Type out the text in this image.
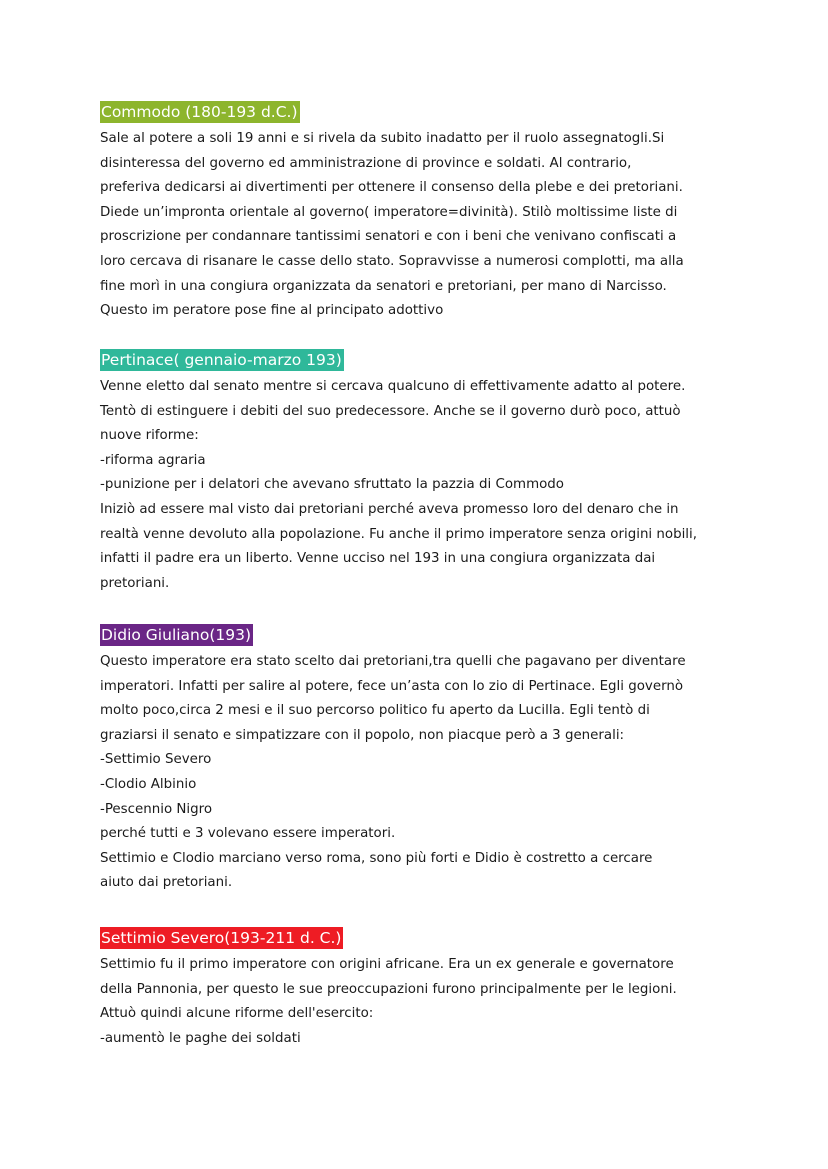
Commodo (180-193 d.C.)
Sale al potere a soli 19 anni e si rivela da subito inadatto per il ruolo assegnatogli.Si
disinteressa del governo ed amministrazione di province e soldati. Al contrario,
preferiva dedicarsi ai divertimenti per ottenere il consenso della plebe e dei pretoriani.
Diede un’impronta orientale al governo( imperatore=divinità). Stilò moltissime liste di
proscrizione per condannare tantissimi senatori e con i beni che venivano confiscati a
loro cercava di risanare le casse dello stato. Sopravvisse a numerosi complotti, ma alla
fine morì in una congiura organizzata da senatori e pretoriani, per mano di Narcisso.
Questo im peratore pose fine al principato adottivo
Pertinace( gennaio-marzo 193)
Venne eletto dal senato mentre si cercava qualcuno di effettivamente adatto al potere.
Tentò di estinguere i debiti del suo predecessore. Anche se il governo durò poco, attuò
nuove riforme:
-riforma agraria
-punizione per i delatori che avevano sfruttato la pazzia di Commodo
Iniziò ad essere mal visto dai pretoriani perché aveva promesso loro del denaro che in
realtà venne devoluto alla popolazione. Fu anche il primo imperatore senza origini nobili,
infatti il padre era un liberto. Venne ucciso nel 193 in una congiura organizzata dai
pretoriani.
Didio Giuliano(193)
Questo imperatore era stato scelto dai pretoriani,tra quelli che pagavano per diventare
imperatori. Infatti per salire al potere, fece un’asta con lo zio di Pertinace. Egli governò
molto poco,circa 2 mesi e il suo percorso politico fu aperto da Lucilla. Egli tentò di
graziarsi il senato e simpatizzare con il popolo, non piacque però a 3 generali:
-Settimio Severo
-Clodio Albinio
-Pescennio Nigro
perché tutti e 3 volevano essere imperatori.
Settimio e Clodio marciano verso roma, sono più forti e Didio è costretto a cercare
aiuto dai pretoriani.
Settimio Severo(193-211 d. C.)
Settimio fu il primo imperatore con origini africane. Era un ex generale e governatore
della Pannonia, per questo le sue preoccupazioni furono principalmente per le legioni.
Attuò quindi alcune riforme dell'esercito:
-aumentò le paghe dei soldati
